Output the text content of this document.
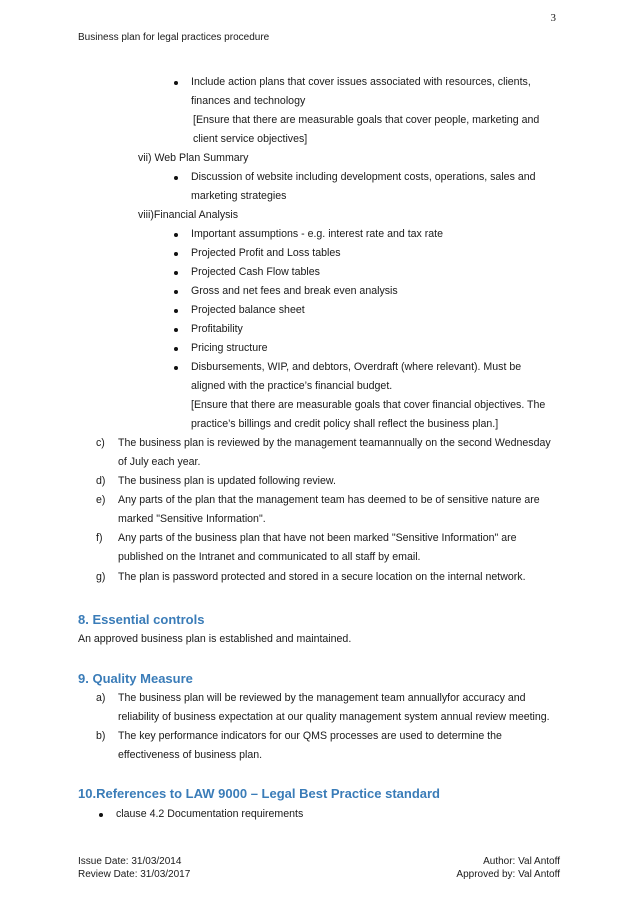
3
Business plan for legal practices procedure
Include action plans that cover issues associated with resources, clients,
finances and technology
[Ensure that there are measurable goals that cover people, marketing and
client service objectives]
vii) Web Plan Summary
Discussion of website including development costs, operations, sales and
marketing strategies
viii)Financial Analysis
Important assumptions - e.g. interest rate and tax rate
Projected Profit and Loss tables
Projected Cash Flow tables
Gross and net fees and break even analysis
Projected balance sheet
Profitability
Pricing structure
Disbursements, WIP, and debtors, Overdraft (where relevant). Must be
aligned with the practice’s financial budget.
[Ensure that there are measurable goals that cover financial objectives. The
practice’s billings and credit policy shall reflect the business plan.]
c) The business plan is reviewed by the management teamannually on the second Wednesday
of July each year.
d) The business plan is updated following review.
e) Any parts of the plan that the management team has deemed to be of sensitive nature are
marked "Sensitive Information".
f) Any parts of the business plan that have not been marked "Sensitive Information" are
published on the Intranet and communicated to all staff by email.
g) The plan is password protected and stored in a secure location on the internal network.
8. Essential controls
An approved business plan is established and maintained.
9. Quality Measure
a) The business plan will be reviewed by the management team annuallyfor accuracy and
reliability of business expectation at our quality management system annual review meeting.
b) The key performance indicators for our QMS processes are used to determine the
effectiveness of business plan.
10.References to LAW 9000 – Legal Best Practice standard
clause 4.2 Documentation requirements
Issue Date: 31/03/2014
Review Date: 31/03/2017
Author: Val Antoff
Approved by: Val Antoff
